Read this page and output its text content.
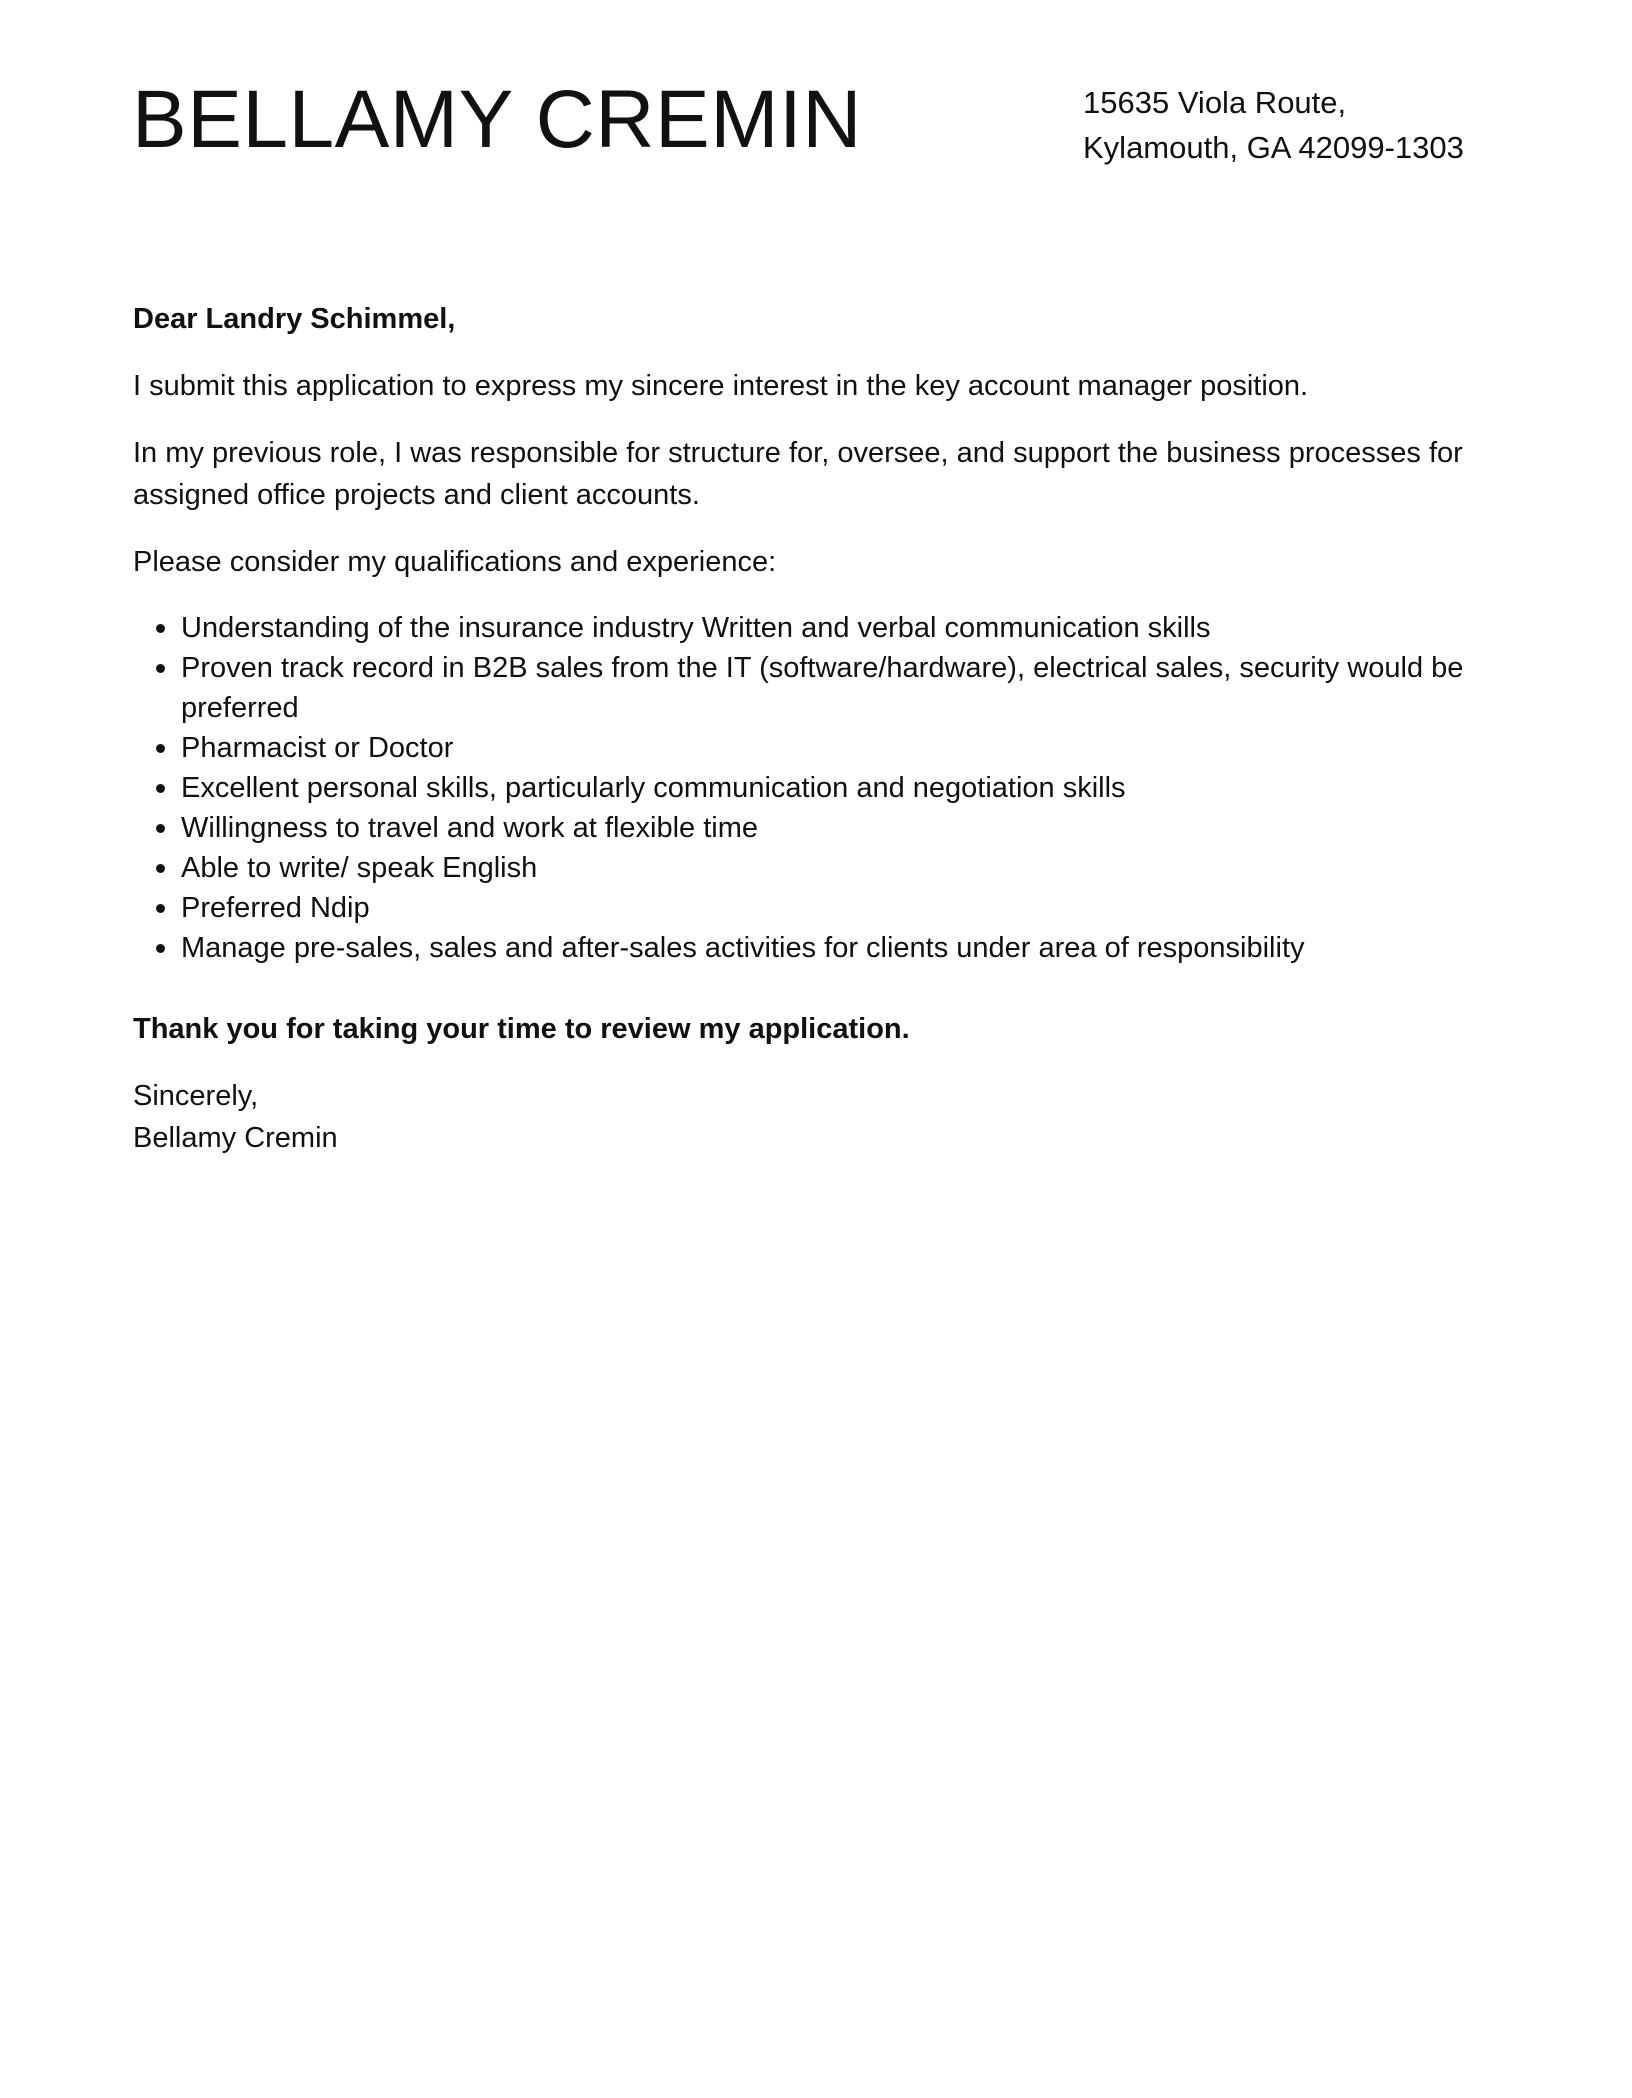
BELLAMY CREMIN	15635 Viola Route,
Kylamouth, GA 42099-1303

Dear Landry Schimmel,

I submit this application to express my sincere interest in the key account manager position.

In my previous role, I was responsible for structure for, oversee, and support the business processes for assigned office projects and client accounts.

Please consider my qualifications and experience:

Understanding of the insurance industry Written and verbal communication skills
Proven track record in B2B sales from the IT (software/hardware), electrical sales, security would be preferred
Pharmacist or Doctor
Excellent personal skills, particularly communication and negotiation skills
Willingness to travel and work at flexible time
Able to write/ speak English
Preferred Ndip
Manage pre-sales, sales and after-sales activities for clients under area of responsibility

Thank you for taking your time to review my application.

Sincerely,

Bellamy Cremin
